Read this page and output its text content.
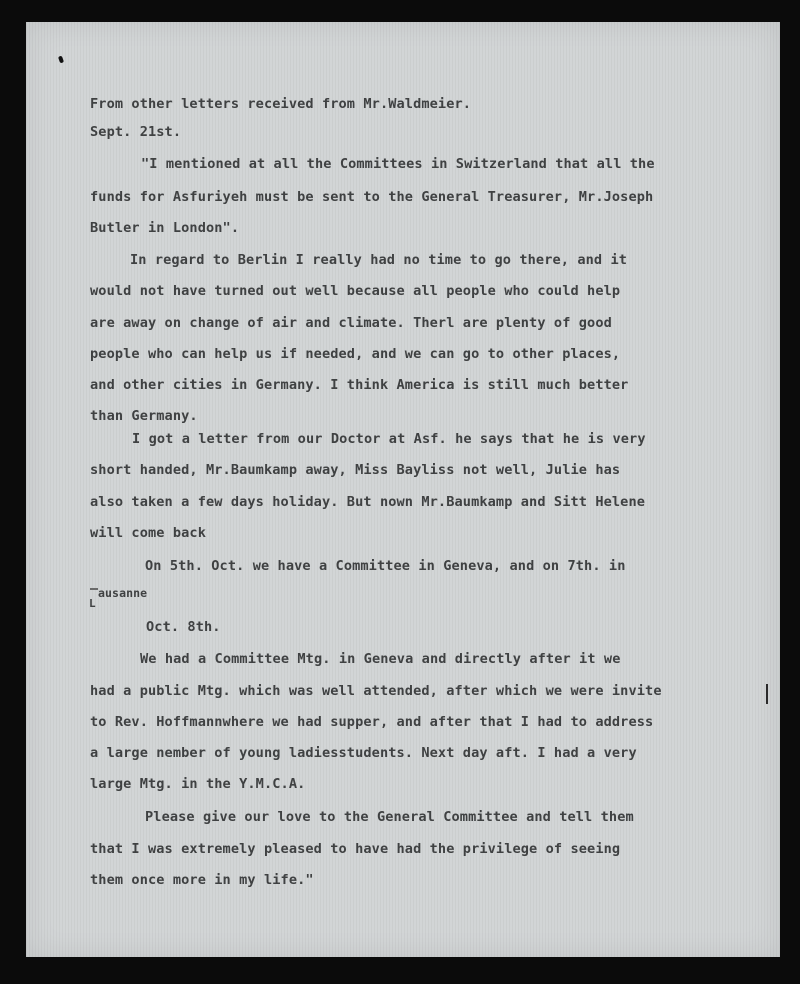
From other letters received from Mr.Waldmeier.
Sept. 21st.
"I mentioned at all the Committees in Switzerland that all the
funds for Asfuriyeh must be sent to the General Treasurer, Mr.Joseph
Butler in London".
In regard to Berlin I really had no time to go there, and it
would not have turned out well because all people who could help
are away on change of air and climate. Therl are plenty of good
people who can help us if needed, and we can go to other places,
and other cities in Germany. I think America is still much better
than Germany.
I got a letter from our Doctor at Asf. he says that he is very
short handed, Mr.Baumkamp away, Miss Bayliss not well, Julie has
also taken a few days holiday. But nown Mr.Baumkamp and Sitt Helene
will come back
On 5th. Oct. we have a Committee in Geneva, and on 7th. in
L
ausanne
Oct. 8th.
We had a Committee Mtg. in Geneva and directly after it we
had a public Mtg. which was well attended, after which we were invite
to Rev. Hoffmannwhere we had supper, and after that I had to address
a large nember of young ladiesstudents. Next day aft. I had a very
large Mtg. in the Y.M.C.A.
Please give our love to the General Committee and tell them
that I was extremely pleased to have had the privilege of seeing
them once more in my life."
